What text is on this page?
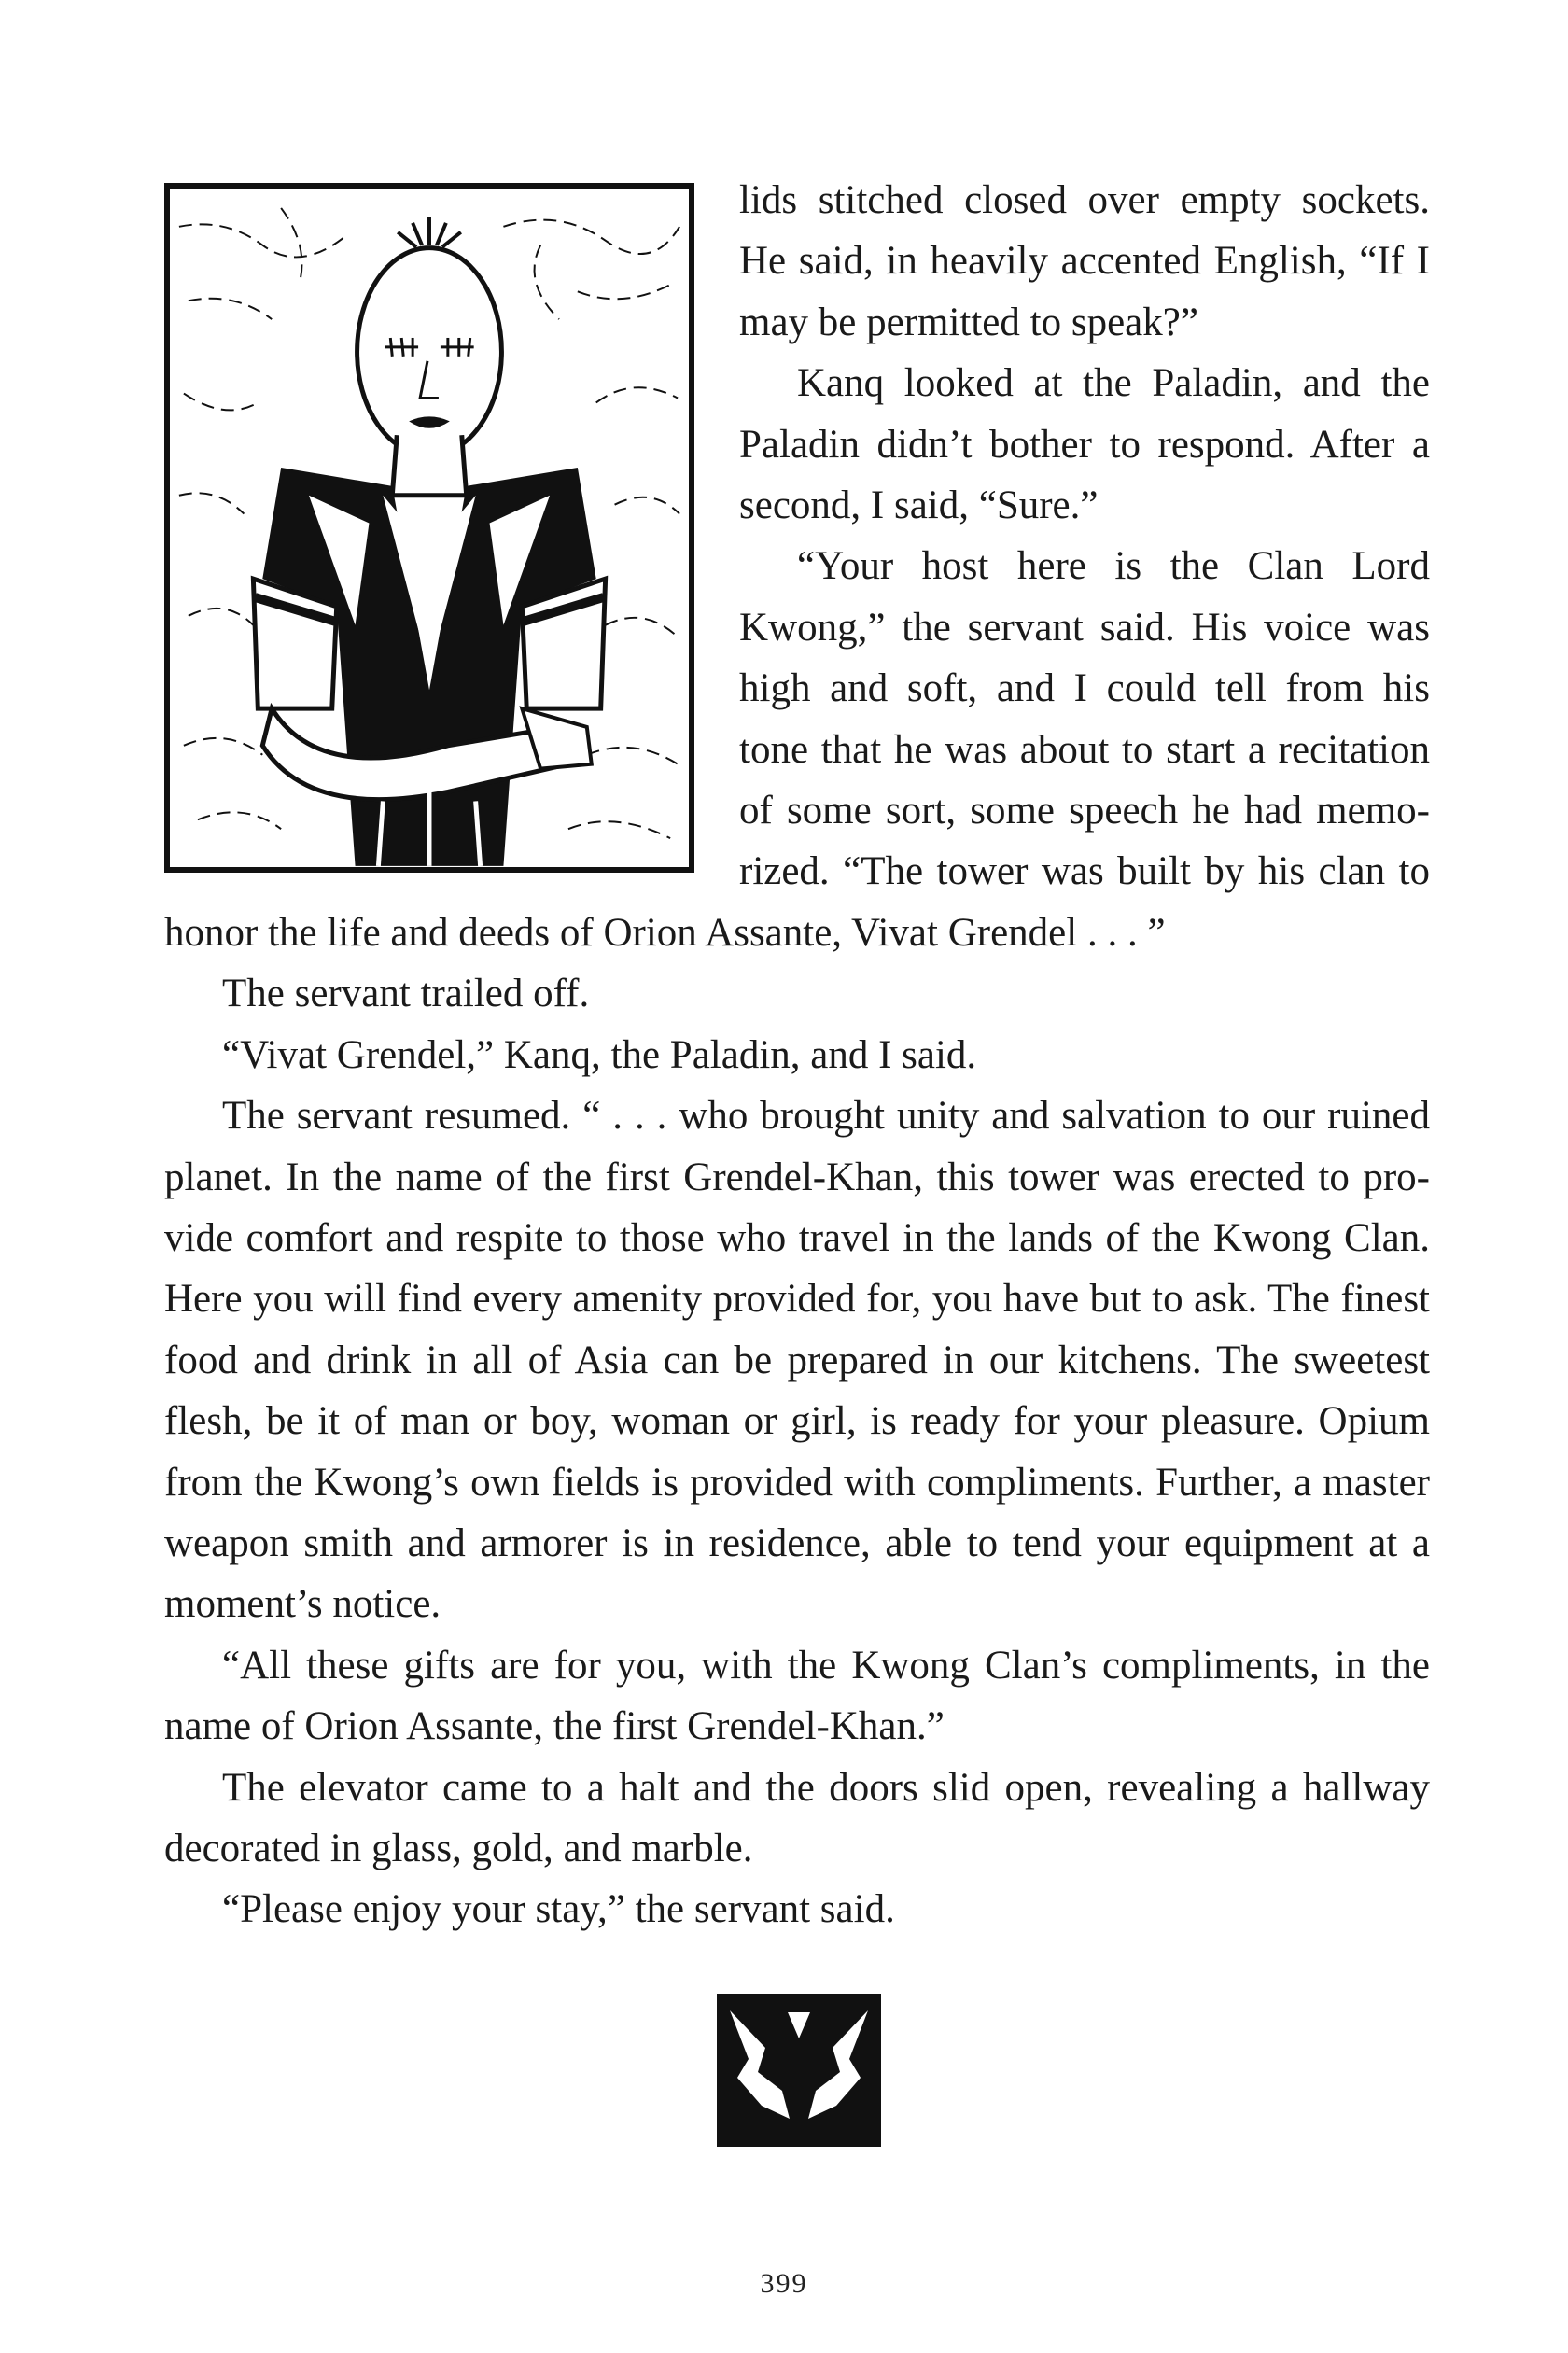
lids stitched closed over empty sockets. He said, in heavily accented English, “If I may be permitted to speak?”

Kanq looked at the Paladin, and the Paladin didn’t bother to respond. After a second, I said, “Sure.”

“Your host here is the Clan Lord Kwong,” the servant said. His voice was high and soft, and I could tell from his tone that he was about to start a recitation of some sort, some speech he had memorized. “The tower was built by his clan to honor the life and deeds of Orion Assante, Vivat Grendel . . . ”

The servant trailed off.

“Vivat Grendel,” Kanq, the Paladin, and I said.

The servant resumed. “ . . . who brought unity and salvation to our ruined planet. In the name of the first Grendel-Khan, this tower was erected to provide comfort and respite to those who travel in the lands of the Kwong Clan. Here you will find every amenity provided for, you have but to ask. The finest food and drink in all of Asia can be prepared in our kitchens. The sweetest flesh, be it of man or boy, woman or girl, is ready for your pleasure. Opium from the Kwong’s own fields is provided with compliments. Further, a master weapon smith and armorer is in residence, able to tend your equipment at a moment’s notice.

“All these gifts are for you, with the Kwong Clan’s compliments, in the name of Orion Assante, the first Grendel-Khan.”

The elevator came to a halt and the doors slid open, revealing a hallway decorated in glass, gold, and marble.

“Please enjoy your stay,” the servant said.

399
